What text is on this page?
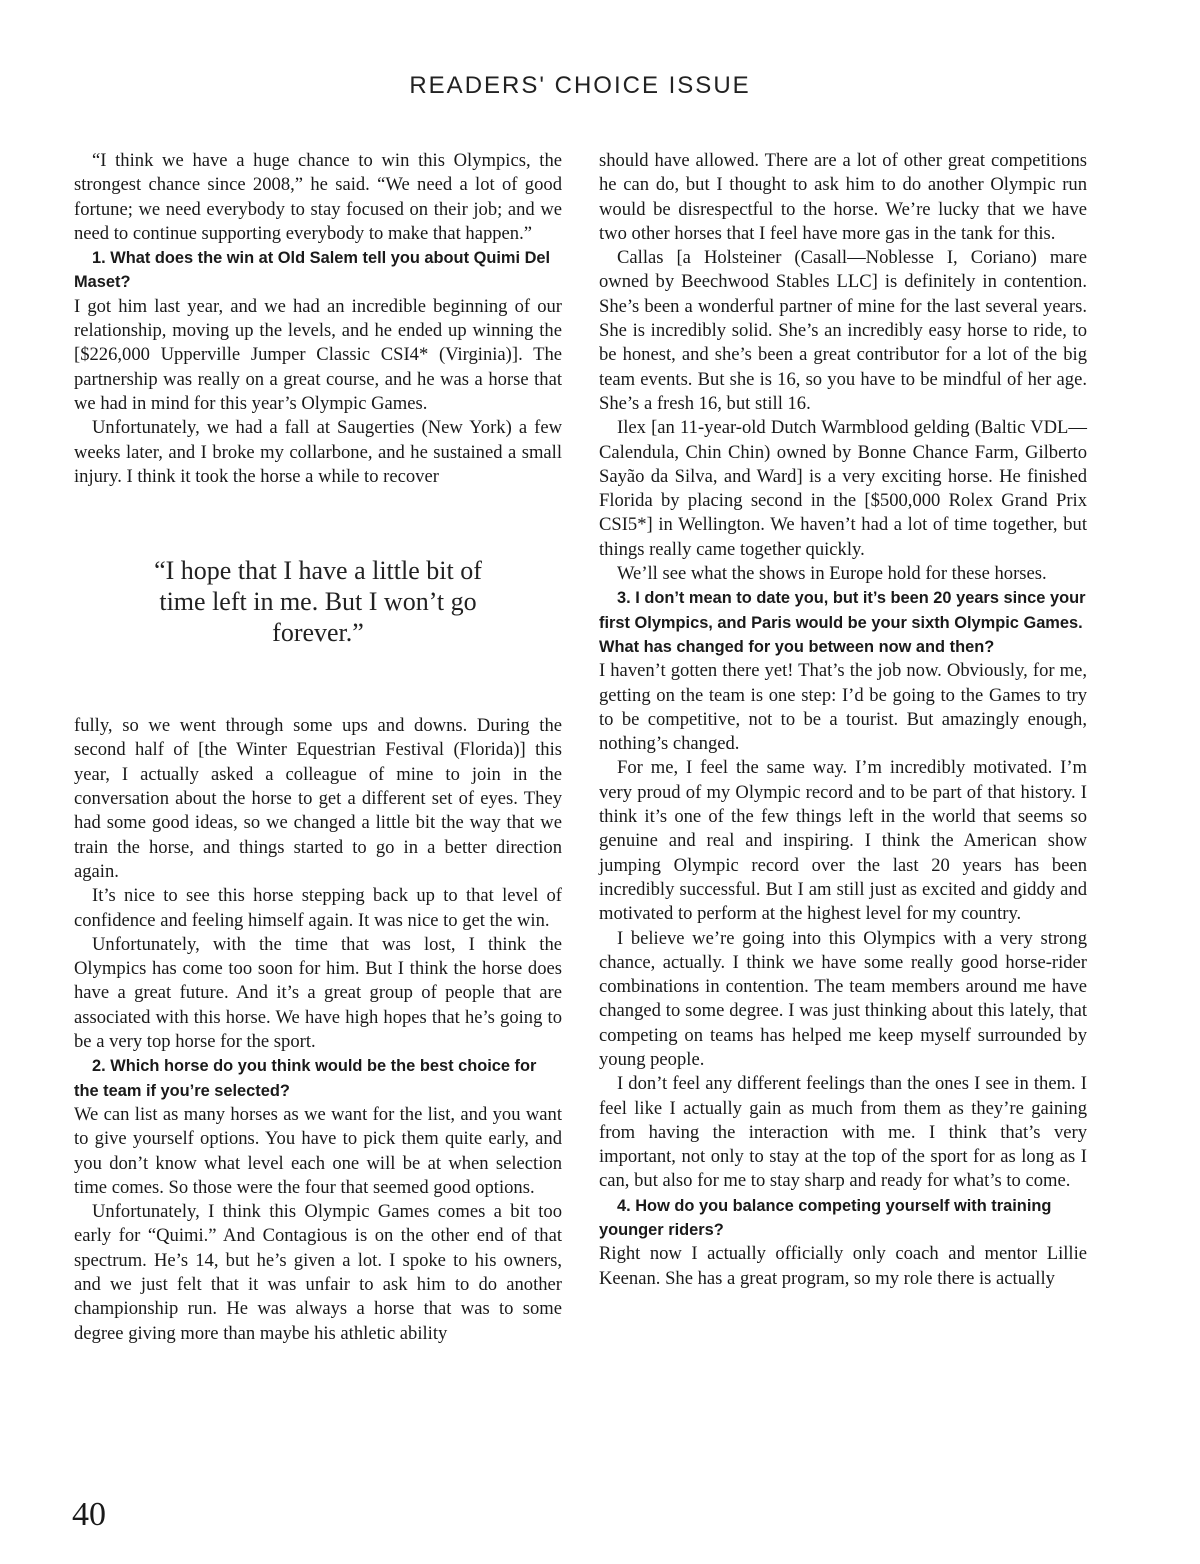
READERS' CHOICE ISSUE

“I think we have a huge chance to win this Olympics, the strongest chance since 2008,” he said. “We need a lot of good fortune; we need everybody to stay focused on their job; and we need to continue supporting everybody to make that happen.”

1. What does the win at Old Salem tell you about Quimi Del Maset?

I got him last year, and we had an incredible beginning of our relationship, moving up the levels, and he ended up winning the [$226,000 Upperville Jumper Classic CSI4* (Virginia)]. The partnership was really on a great course, and he was a horse that we had in mind for this year’s Olympic Games.

Unfortunately, we had a fall at Saugerties (New York) a few weeks later, and I broke my collarbone, and he sustained a small injury. I think it took the horse a while to recover

“I hope that I have a little bit of time left in me. But I won’t go forever.”

fully, so we went through some ups and downs. During the second half of [the Winter Equestrian Festival (Florida)] this year, I actually asked a colleague of mine to join in the conversation about the horse to get a different set of eyes. They had some good ideas, so we changed a little bit the way that we train the horse, and things started to go in a better direction again.

It’s nice to see this horse stepping back up to that level of confidence and feeling himself again. It was nice to get the win.

Unfortunately, with the time that was lost, I think the Olympics has come too soon for him. But I think the horse does have a great future. And it’s a great group of people that are associated with this horse. We have high hopes that he’s going to be a very top horse for the sport.

2. Which horse do you think would be the best choice for the team if you’re selected?

We can list as many horses as we want for the list, and you want to give yourself options. You have to pick them quite early, and you don’t know what level each one will be at when selection time comes. So those were the four that seemed good options.

Unfortunately, I think this Olympic Games comes a bit too early for “Quimi.” And Contagious is on the other end of that spectrum. He’s 14, but he’s given a lot. I spoke to his owners, and we just felt that it was unfair to ask him to do another championship run. He was always a horse that was to some degree giving more than maybe his athletic ability

should have allowed. There are a lot of other great competitions he can do, but I thought to ask him to do another Olympic run would be disrespectful to the horse. We’re lucky that we have two other horses that I feel have more gas in the tank for this.

Callas [a Holsteiner (Casall—Noblesse I, Coriano) mare owned by Beechwood Stables LLC] is definitely in contention. She’s been a wonderful partner of mine for the last several years. She is incredibly solid. She’s an incredibly easy horse to ride, to be honest, and she’s been a great contributor for a lot of the big team events. But she is 16, so you have to be mindful of her age. She’s a fresh 16, but still 16.

Ilex [an 11-year-old Dutch Warmblood gelding (Baltic VDL—Calendula, Chin Chin) owned by Bonne Chance Farm, Gilberto Sayão da Silva, and Ward] is a very exciting horse. He finished Florida by placing second in the [$500,000 Rolex Grand Prix CSI5*] in Wellington. We haven’t had a lot of time together, but things really came together quickly.

We’ll see what the shows in Europe hold for these horses.

3. I don’t mean to date you, but it’s been 20 years since your first Olympics, and Paris would be your sixth Olympic Games. What has changed for you between now and then?

I haven’t gotten there yet! That’s the job now. Obviously, for me, getting on the team is one step: I’d be going to the Games to try to be competitive, not to be a tourist. But amazingly enough, nothing’s changed.

For me, I feel the same way. I’m incredibly motivated. I’m very proud of my Olympic record and to be part of that history. I think it’s one of the few things left in the world that seems so genuine and real and inspiring. I think the American show jumping Olympic record over the last 20 years has been incredibly successful. But I am still just as excited and giddy and motivated to perform at the highest level for my country.

I believe we’re going into this Olympics with a very strong chance, actually. I think we have some really good horse-rider combinations in contention. The team members around me have changed to some degree. I was just thinking about this lately, that competing on teams has helped me keep myself surrounded by young people.

I don’t feel any different feelings than the ones I see in them. I feel like I actually gain as much from them as they’re gaining from having the interaction with me. I think that’s very important, not only to stay at the top of the sport for as long as I can, but also for me to stay sharp and ready for what’s to come.

4. How do you balance competing yourself with training younger riders?

Right now I actually officially only coach and mentor Lillie Keenan. She has a great program, so my role there is actually

40
